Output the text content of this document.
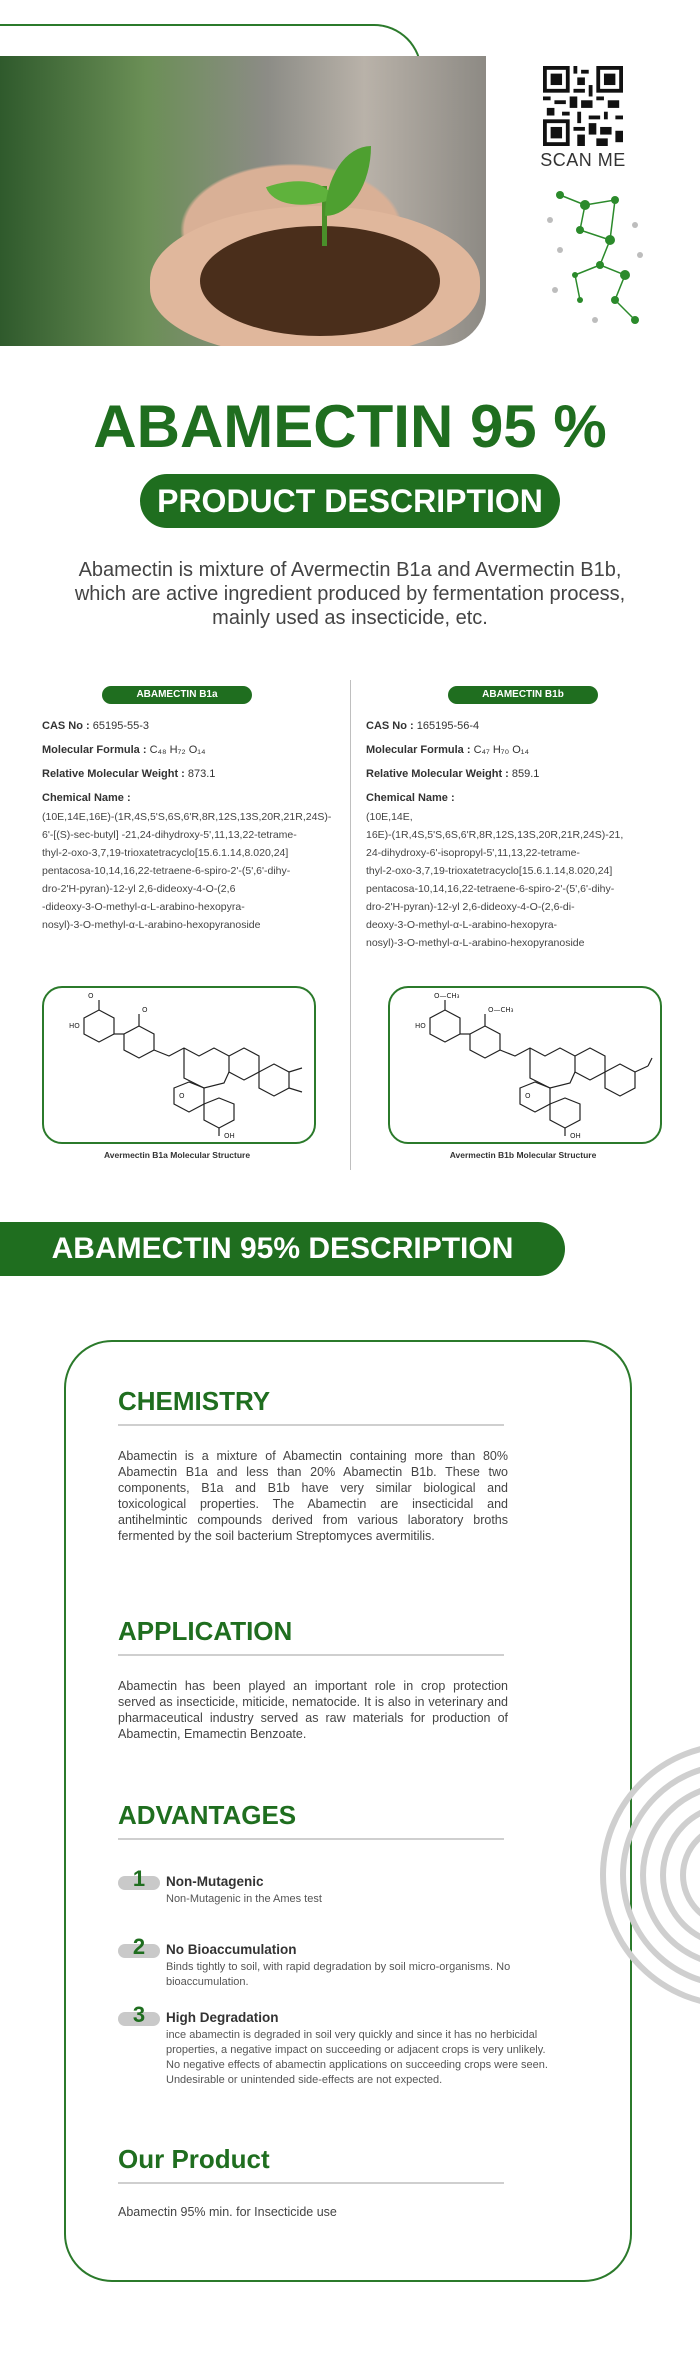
SCAN ME
ABAMECTIN 95 %
PRODUCT DESCRIPTION
Abamectin is mixture of Avermectin B1a and Avermectin B1b, which are active ingredient produced by fermentation process, mainly used as insecticide, etc.
ABAMECTIN B1a
CAS No : 65195-55-3
Molecular Formula : C₄₈ H₇₂ O₁₄
Relative Molecular Weight : 873.1
Chemical Name :
(10E,14E,16E)-(1R,4S,5'S,6S,6'R,8R,12S,13S,20R,21R,24S)-
6'-[(S)-sec-butyl] -21,24-dihydroxy-5',11,13,22-tetrame-
thyl-2-oxo-3,7,19-trioxatetracyclo[15.6.1.14,8.020,24]
pentacosa-10,14,16,22-tetraene-6-spiro-2'-(5',6'-dihy-
dro-2'H-pyran)-12-yl 2,6-dideoxy-4-O-(2,6
-dideoxy-3-O-methyl-α-L-arabino-hexopyra-
nosyl)-3-O-methyl-α-L-arabino-hexopyranoside
O
HO
O
OH
O
Avermectin B1a Molecular Structure
ABAMECTIN B1b
CAS No : 165195-56-4
Molecular Formula : C₄₇ H₇₀ O₁₄
Relative Molecular Weight : 859.1
Chemical Name :
(10E,14E,
16E)-(1R,4S,5'S,6S,6'R,8R,12S,13S,20R,21R,24S)-21,
24-dihydroxy-6'-isopropyl-5',11,13,22-tetrame-
thyl-2-oxo-3,7,19-trioxatetracyclo[15.6.1.14,8.020,24]
pentacosa-10,14,16,22-tetraene-6-spiro-2'-(5',6'-dihy-
dro-2'H-pyran)-12-yl 2,6-dideoxy-4-O-(2,6-di-
deoxy-3-O-methyl-α-L-arabino-hexopyra-
nosyl)-3-O-methyl-α-L-arabino-hexopyranoside
O—CH₃
HO
O—CH₃
OH
O
Avermectin B1b Molecular Structure
ABAMECTIN 95% DESCRIPTION
CHEMISTRY
Abamectin is a mixture of Abamectin containing more than 80% Abamectin B1a and less than 20% Abamectin B1b. These two components, B1a and B1b have very similar biological and toxicological properties. The Abamectin are insecticidal and antihelmintic compounds derived from various laboratory broths fermented by the soil bacterium Streptomyces avermitilis.
APPLICATION
Abamectin has been played an important role in crop protection served as insecticide, miticide, nematocide. It is also in veterinary and pharmaceutical industry served as raw materials for production of Abamectin, Emamectin Benzoate.
ADVANTAGES
1	Non-Mutagenic
Non-Mutagenic in the Ames test
2	No Bioaccumulation
Binds tightly to soil, with rapid degradation by soil micro-organisms. No bioaccumulation.
3	High Degradation
ince abamectin is degraded in soil very quickly and since it has no herbicidal properties, a negative impact on succeeding or adjacent crops is very unlikely. No negative effects of abamectin applications on succeeding crops were seen. Undesirable or unintended side-effects are not expected.
Our Product
Abamectin 95% min. for Insecticide use
